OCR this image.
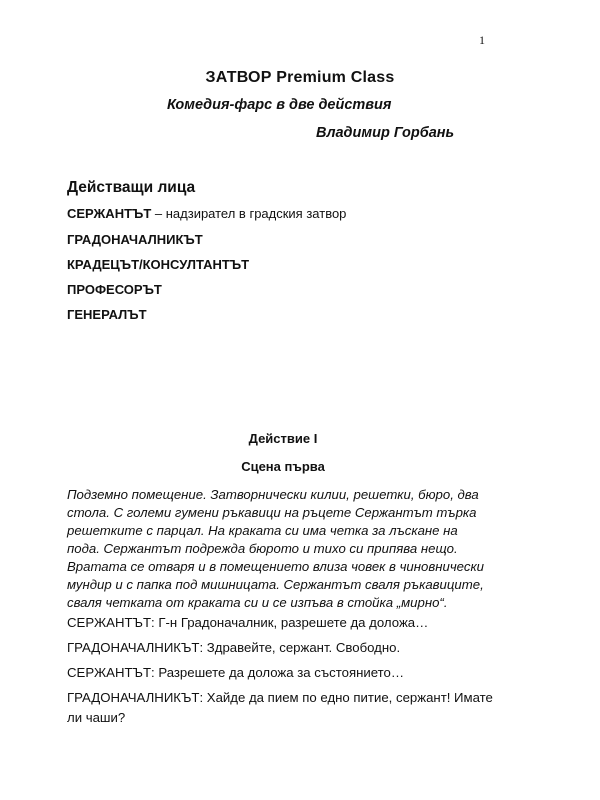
1
ЗАТВОР Premium Class
Комедия-фарс в две действия
Владимир Горбань
Действащи лица
СЕРЖАНТЪТ – надзирател в градския затвор
ГРАДОНАЧАЛНИКЪТ
КРАДЕЦЪТ/КОНСУЛТАНТЪТ
ПРОФЕСОРЪТ
ГЕНЕРАЛЪТ
Действие І
Сцена първа
Подземно помещение. Затворнически килии, решетки, бюро, два
стола. С големи гумени ръкавици на ръцете Сержантът търка
решетките с парцал. На краката си има четка за лъскане на
пода. Сержантът подрежда бюрото и тихо си припява нещо.
Вратата се отваря и в помещението влиза човек в чиновнически
мундир и с папка под мишницата. Сержантът сваля ръкавиците,
сваля четката от краката си и се изпъва в стойка „мирно“.
СЕРЖАНТЪТ: Г-н Градоначалник, разрешете да доложа…
ГРАДОНАЧАЛНИКЪТ: Здравейте, сержант. Свободно.
СЕРЖАНТЪТ: Разрешете да доложа за състоянието…
ГРАДОНАЧАЛНИКЪТ: Хайде да пием по едно питие, сержант! Имате
ли чаши?
